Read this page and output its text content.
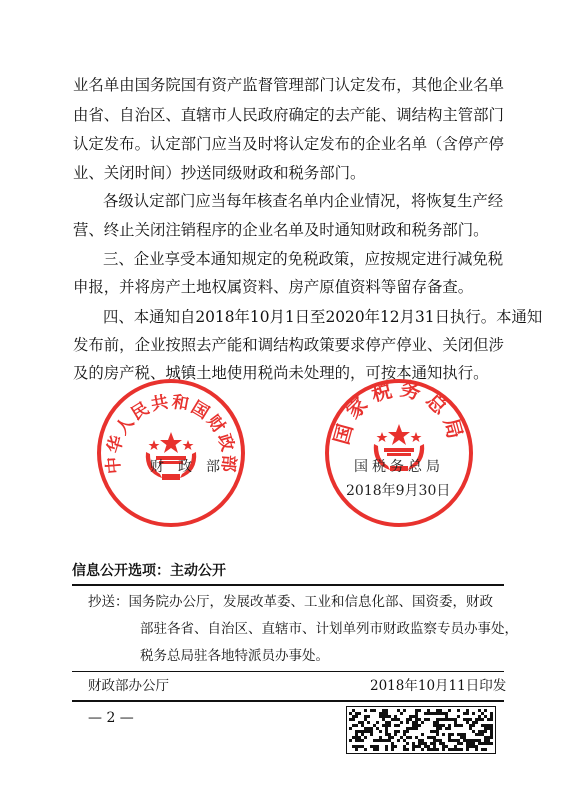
业名单由国务院国有资产监督管理部门认定发布，其他企业名单
由省、自治区、直辖市人民政府确定的去产能、调结构主管部门
认定发布。认定部门应当及时将认定发布的企业名单（含停产停
业、关闭时间）抄送同级财政和税务部门。
各级认定部门应当每年核查名单内企业情况，将恢复生产经
营、终止关闭注销程序的企业名单及时通知财政和税务部门。
三、企业享受本通知规定的免税政策，应按规定进行减免税
申报，并将房产土地权属资料、房产原值资料等留存备查。
四、本通知自2018年10月1日至2020年12月31日执行。本通知
发布前，企业按照去产能和调结构政策要求停产停业、关闭但涉
及的房产税、城镇土地使用税尚未处理的，可按本通知执行。
中华人民共和国财政部
财　政　部
国家税务总局
国税务总局
2018年9月30日
信息公开选项：主动公开
抄送：国务院办公厅，发展改革委、工业和信息化部、国资委，财政
部驻各省、自治区、直辖市、计划单列市财政监察专员办事处，
税务总局驻各地特派员办事处。
财政部办公厅	2018年10月11日印发
— 2 —
